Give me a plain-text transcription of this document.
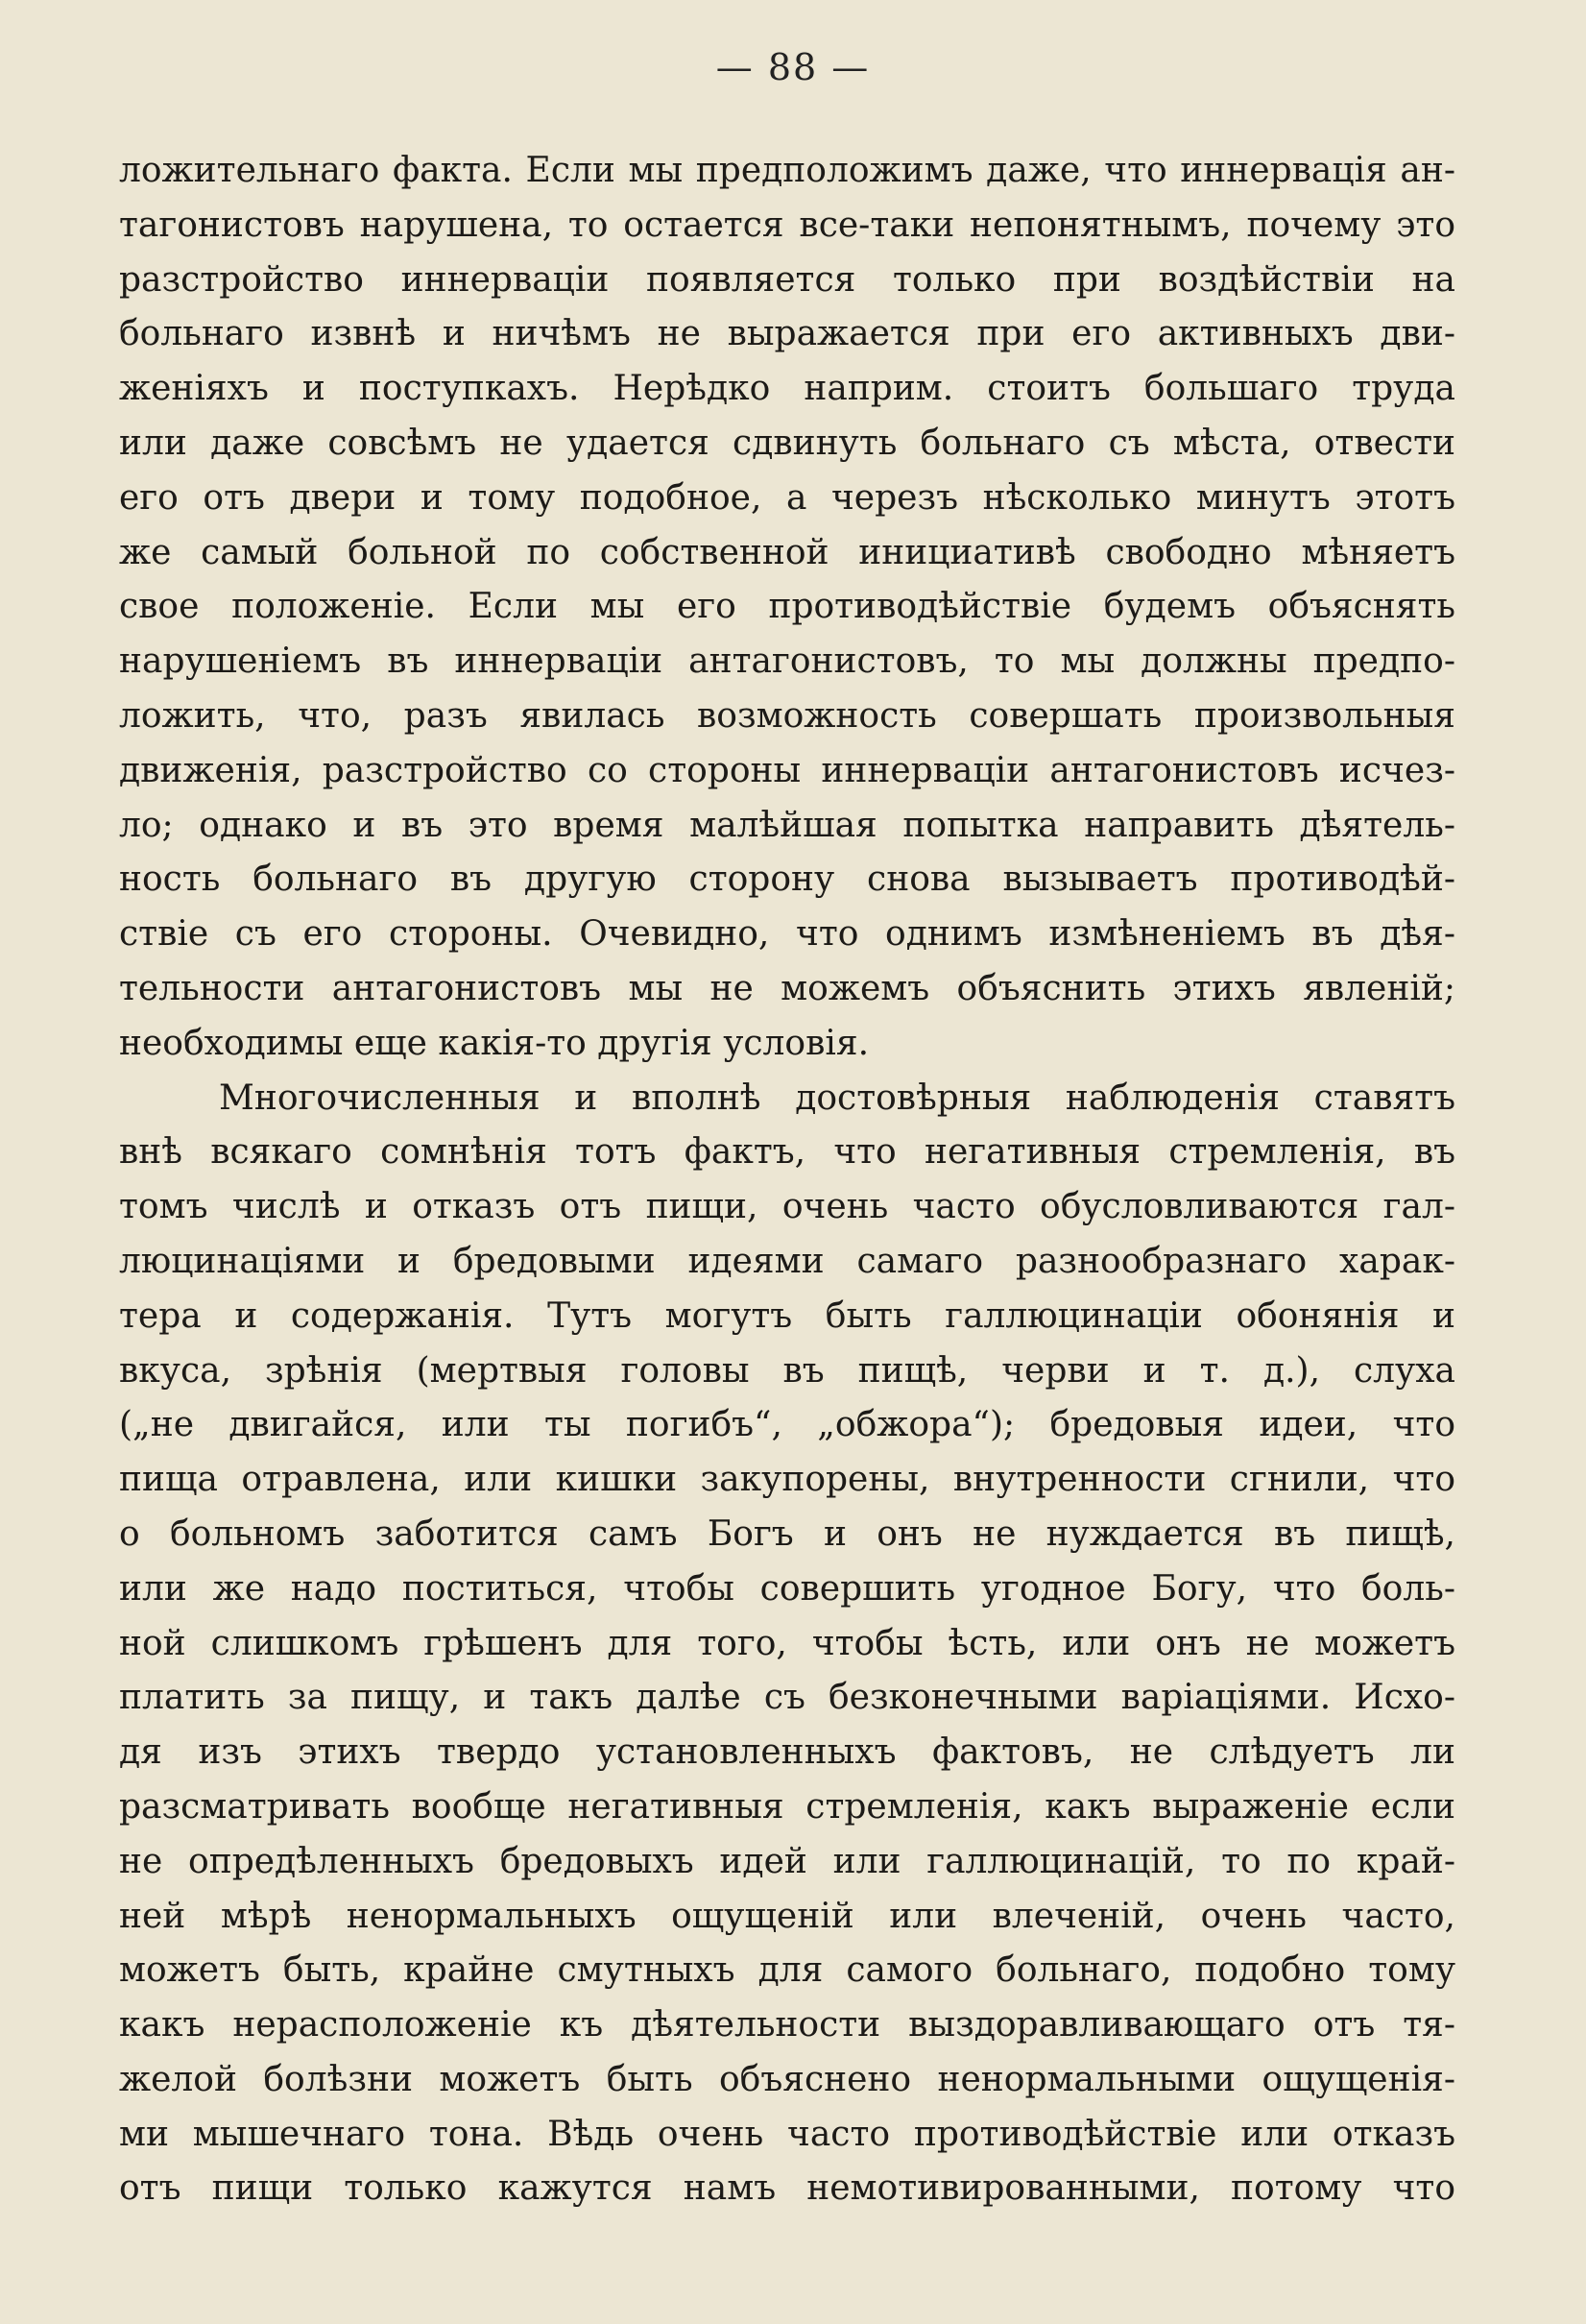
— 88 —
ложительнаго факта. Если мы предположимъ даже, что иннервація ан-
тагонистовъ нарушена, то остается все-таки непонятнымъ, почему это
разстройство иннерваціи появляется только при воздѣйствіи на
больнаго извнѣ и ничѣмъ не выражается при его активныхъ дви-
женіяхъ и поступкахъ. Нерѣдко наприм. стоитъ большаго труда
или даже совсѣмъ не удается сдвинуть больнаго съ мѣста, отвести
его отъ двери и тому подобное, а черезъ нѣсколько минутъ этотъ
же самый больной по собственной инициативѣ свободно мѣняетъ
свое положеніе. Если мы его противодѣйствіе будемъ объяснять
нарушеніемъ въ иннерваціи антагонистовъ, то мы должны предпо-
ложить, что, разъ явилась возможность совершать произвольныя
движенія, разстройство со стороны иннерваціи антагонистовъ исчез-
ло; однако и въ это время малѣйшая попытка направить дѣятель-
ность больнаго въ другую сторону снова вызываетъ противодѣй-
ствіе съ его стороны. Очевидно, что однимъ измѣненіемъ въ дѣя-
тельности антагонистовъ мы не можемъ объяснить этихъ явленій;
необходимы еще какія-то другія условія.
Многочисленныя и вполнѣ достовѣрныя наблюденія ставятъ
внѣ всякаго сомнѣнія тотъ фактъ, что негативныя стремленія, въ
томъ числѣ и отказъ отъ пищи, очень часто обусловливаются гал-
люцинаціями и бредовыми идеями самаго разнообразнаго харак-
тера и содержанія. Тутъ могутъ быть галлюцинаціи обонянія и
вкуса, зрѣнія (мертвыя головы въ пищѣ, черви и т. д.), слуха
(„не двигайся, или ты погибъ“, „обжора“); бредовыя идеи, что
пища отравлена, или кишки закупорены, внутренности сгнили, что
о больномъ заботится самъ Богъ и онъ не нуждается въ пищѣ,
или же надо поститься, чтобы совершить угодное Богу, что боль-
ной слишкомъ грѣшенъ для того, чтобы ѣсть, или онъ не можетъ
платить за пищу, и такъ далѣе съ безконечными варіаціями. Исхо-
дя изъ этихъ твердо установленныхъ фактовъ, не слѣдуетъ ли
разсматривать вообще негативныя стремленія, какъ выраженіе если
не опредѣленныхъ бредовыхъ идей или галлюцинацій, то по край-
ней мѣрѣ ненормальныхъ ощущеній или влеченій, очень часто,
можетъ быть, крайне смутныхъ для самого больнаго, подобно тому
какъ нерасположеніе къ дѣятельности выздоравливающаго отъ тя-
желой болѣзни можетъ быть объяснено ненормальными ощущенія-
ми мышечнаго тона. Вѣдь очень часто противодѣйствіе или отказъ
отъ пищи только кажутся намъ немотивированными, потому что
